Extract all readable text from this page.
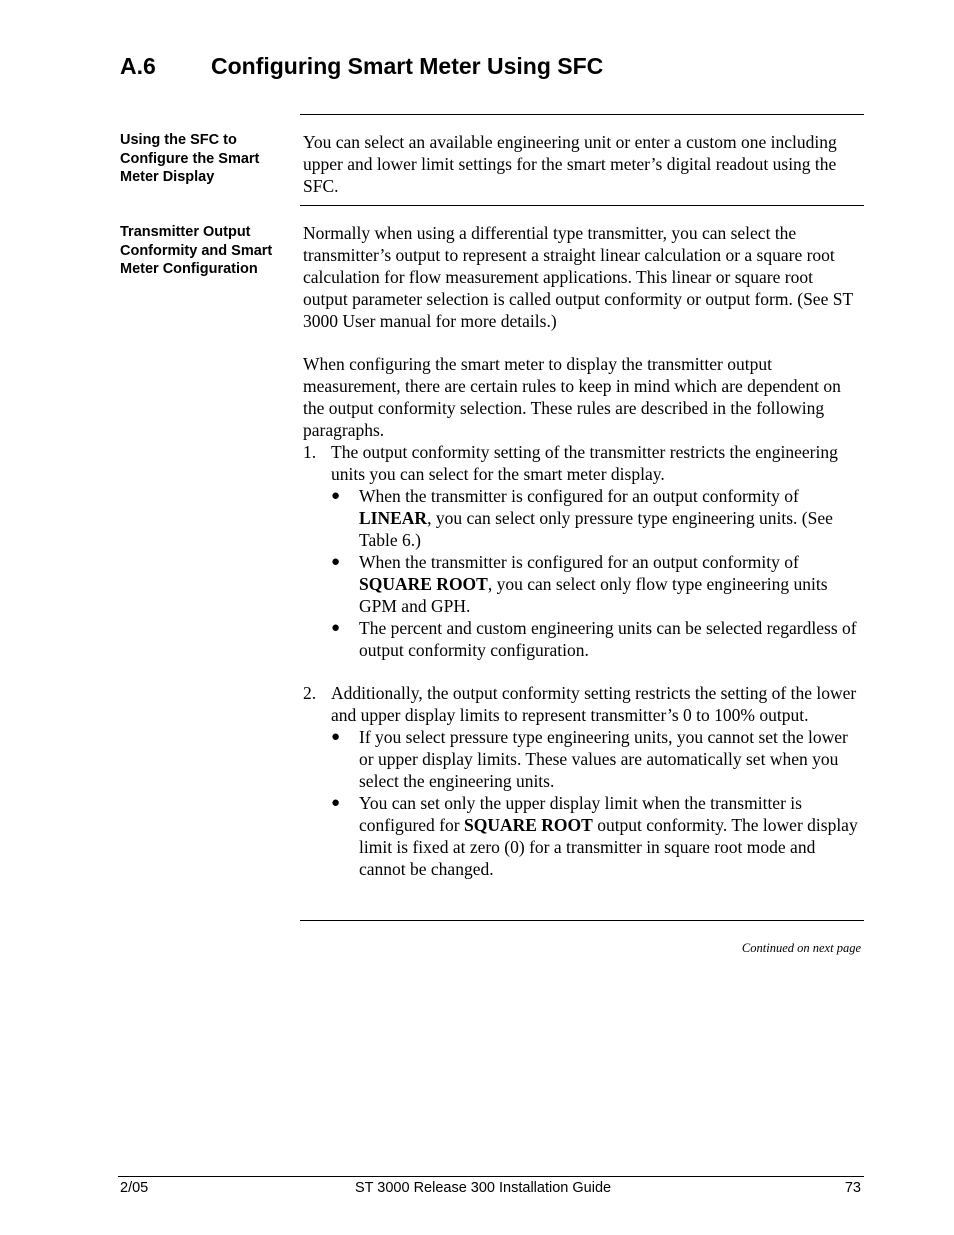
A.6 Configuring Smart Meter Using SFC
Using the SFC to Configure the Smart Meter Display

You can select an available engineering unit or enter a custom one including upper and lower limit settings for the smart meter’s digital readout using the SFC.

Transmitter Output Conformity and Smart Meter Configuration

Normally when using a differential type transmitter, you can select the transmitter’s output to represent a straight linear calculation or a square root calculation for flow measurement applications. This linear or square root output parameter selection is called output conformity or output form. (See ST 3000 User manual for more details.)

When configuring the smart meter to display the transmitter output measurement, there are certain rules to keep in mind which are dependent on the output conformity selection. These rules are described in the following paragraphs.

1. The output conformity setting of the transmitter restricts the engineering units you can select for the smart meter display.

● When the transmitter is configured for an output conformity of LINEAR, you can select only pressure type engineering units. (See Table 6.)

● When the transmitter is configured for an output conformity of SQUARE ROOT, you can select only flow type engineering units GPM and GPH.

● The percent and custom engineering units can be selected regardless of output conformity configuration.

2. Additionally, the output conformity setting restricts the setting of the lower and upper display limits to represent transmitter’s 0 to 100% output.

● If you select pressure type engineering units, you cannot set the lower or upper display limits. These values are automatically set when you select the engineering units.

● You can set only the upper display limit when the transmitter is configured for SQUARE ROOT output conformity. The lower display limit is fixed at zero (0) for a transmitter in square root mode and cannot be changed.

Continued on next page
2/05	ST 3000 Release 300 Installation Guide	73
